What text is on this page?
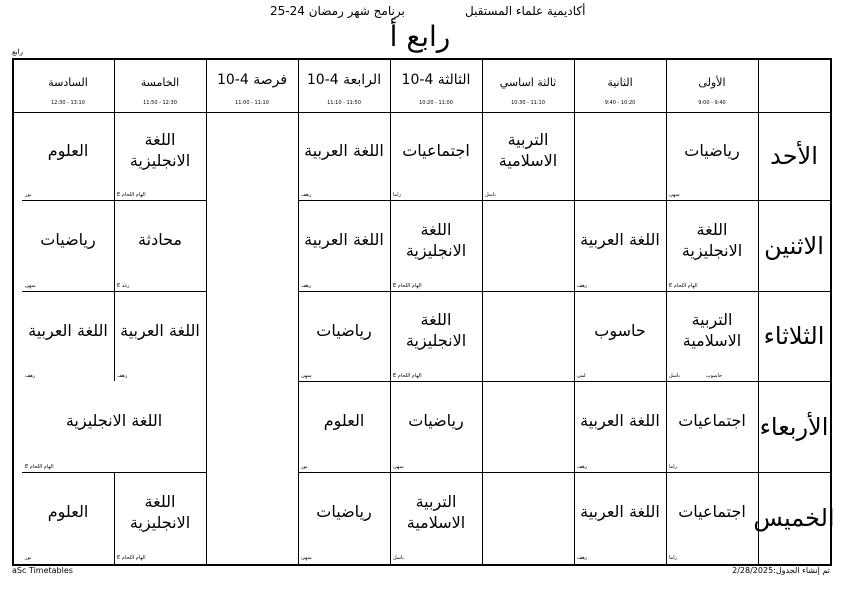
أكاديمية علماء المستقبل
برنامج شهر رمضان 24-25
رابع أ
رابع
الأولى
9:00 - 9:40
الثانية
9:40 - 10:20
ثالثة اساسي
10:30 - 11:10
الثالثة 4-10
10:20 - 11:00
الرابعة 4-10
11:10 - 11:50
فرصة 4-10
11:00 - 11:10
الخامسة
11:50 - 12:30
السادسة
12:30 - 13:10
الأحد
رياضيات
سهى
التربية الاسلامية
باسل
اجتماعيات
راما
اللغة العربية
رهف
اللغة الانجليزية
E الهام اللحام
العلوم
نور
الاثنين
اللغة الانجليزية
E الهام اللحام
اللغة العربية
رهف
اللغة الانجليزية
E الهام اللحام
اللغة العربية
رهف
محادثة
E رغد
رياضيات
سهى
الثلاثاء
التربية الاسلامية
باسل	حاسوب
حاسوب
لمى
اللغة الانجليزية
E الهام اللحام
رياضيات
سهى
اللغة العربية
رهف
اللغة العربية
رهف
الأربعاء
اجتماعيات
راما
اللغة العربية
رهف
رياضيات
سهى
العلوم
نور
اللغة الانجليزية
E الهام اللحام
الخميس
اجتماعيات
راما
اللغة العربية
رهف
التربية الاسلامية
باسل
رياضيات
سهى
اللغة الانجليزية
E الهام اللحام
العلوم
نور
aSc Timetables	تم إنشاء الجدول:2/28/2025
